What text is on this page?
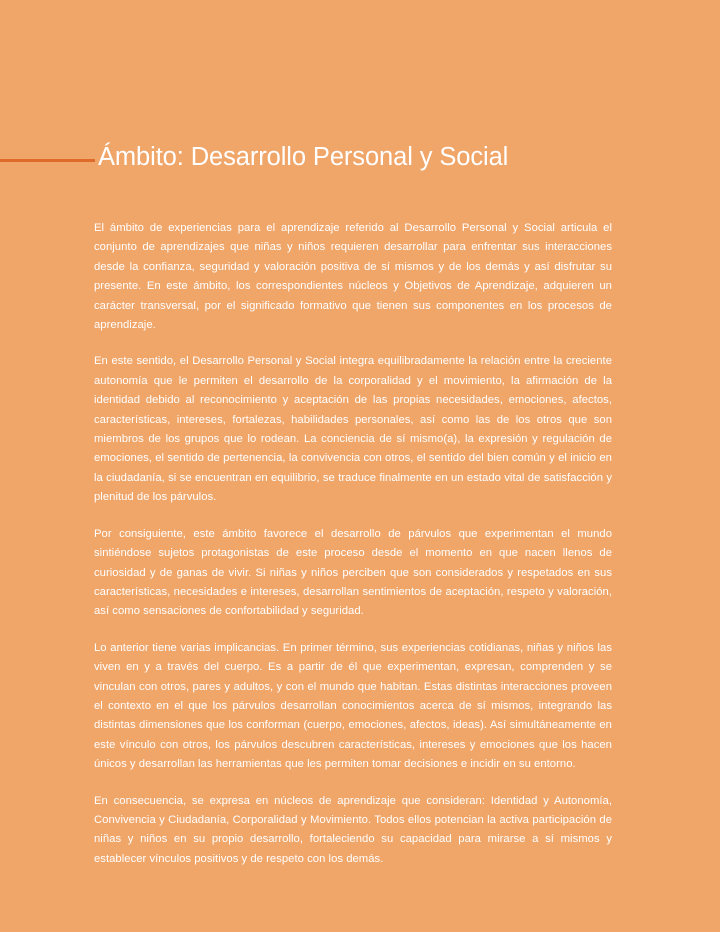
Ámbito: Desarrollo Personal y Social

El ámbito de experiencias para el aprendizaje referido al Desarrollo Personal y Social articula el conjunto de aprendizajes que niñas y niños requieren desarrollar para enfrentar sus interacciones desde la confianza, seguridad y valoración positiva de sí mismos y de los demás y así disfrutar su presente. En este ámbito, los correspondientes núcleos y Objetivos de Aprendizaje, adquieren un carácter transversal, por el significado formativo que tienen sus componentes en los procesos de aprendizaje.

En este sentido, el Desarrollo Personal y Social integra equilibradamente la relación entre la creciente autonomía que le permiten el desarrollo de la corporalidad y el movimiento, la afirmación de la identidad debido al reconocimiento y aceptación de las propias necesidades, emociones, afectos, características, intereses, fortalezas, habilidades personales, así como las de los otros que son miembros de los grupos que lo rodean. La conciencia de sí mismo(a), la expresión y regulación de emociones, el sentido de pertenencia, la convivencia con otros, el sentido del bien común y el inicio en la ciudadanía, si se encuentran en equilibrio, se traduce finalmente en un estado vital de satisfacción y plenitud de los párvulos.

Por consiguiente, este ámbito favorece el desarrollo de párvulos que experimentan el mundo sintiéndose sujetos protagonistas de este proceso desde el momento en que nacen llenos de curiosidad y de ganas de vivir. Si niñas y niños perciben que son considerados y respetados en sus características, necesidades e intereses, desarrollan sentimientos de aceptación, respeto y valoración, así como sensaciones de confortabilidad y seguridad.

Lo anterior tiene varias implicancias. En primer término, sus experiencias cotidianas, niñas y niños las viven en y a través del cuerpo. Es a partir de él que experimentan, expresan, comprenden y se vinculan con otros, pares y adultos, y con el mundo que habitan. Estas distintas interacciones proveen el contexto en el que los párvulos desarrollan conocimientos acerca de sí mismos, integrando las distintas dimensiones que los conforman (cuerpo, emociones, afectos, ideas). Así simultáneamente en este vínculo con otros, los párvulos descubren características, intereses y emociones que los hacen únicos y desarrollan las herramientas que les permiten tomar decisiones e incidir en su entorno.

En consecuencia, se expresa en núcleos de aprendizaje que consideran: Identidad y Autonomía, Convivencia y Ciudadanía, Corporalidad y Movimiento. Todos ellos potencian la activa participación de niñas y niños en su propio desarrollo, fortaleciendo su capacidad para mirarse a sí mismos y establecer vínculos positivos y de respeto con los demás.
